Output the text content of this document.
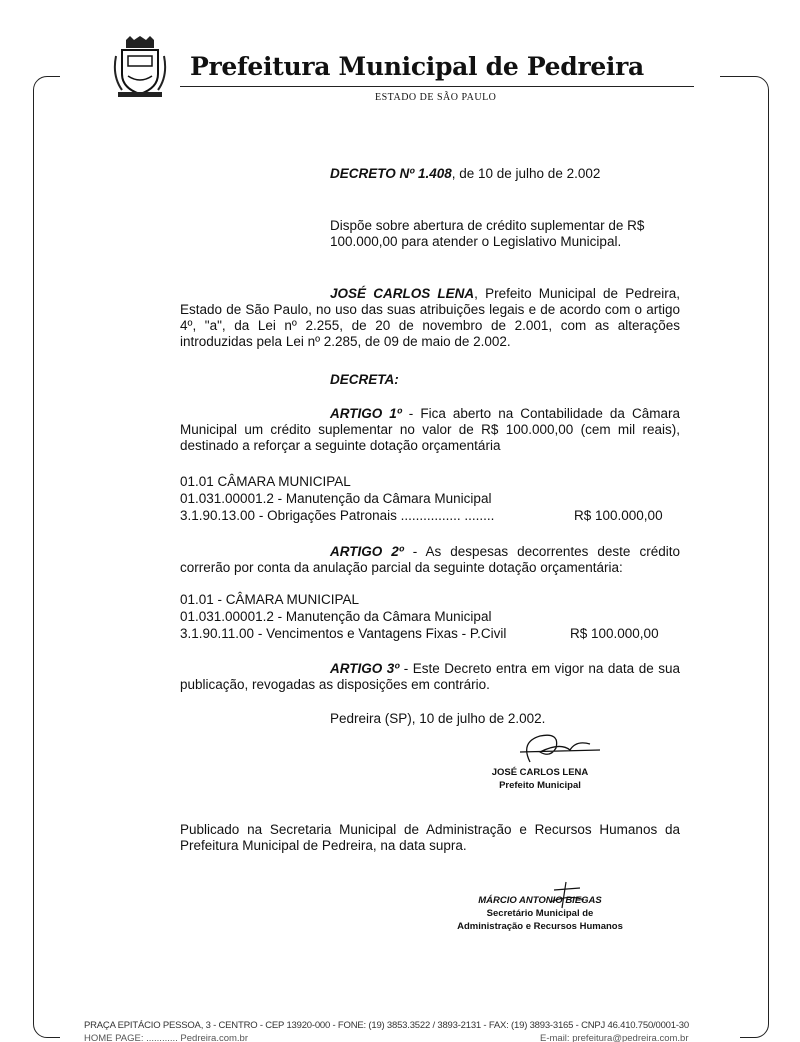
Prefeitura Municipal de Pedreira
ESTADO DE SÃO PAULO
DECRETO Nº 1.408, de 10 de julho de 2.002
Dispõe sobre abertura de crédito suplementar de R$
100.000,00 para atender o Legislativo Municipal.
JOSÉ CARLOS LENA, Prefeito Municipal de Pedreira, Estado de São Paulo, no uso das suas atribuições legais e de acordo com o artigo 4º, "a", da Lei nº 2.255, de 20 de novembro de 2.001, com as alterações introduzidas pela Lei nº 2.285, de 09 de maio de 2.002.
DECRETA:
ARTIGO 1º - Fica aberto na Contabilidade da Câmara Municipal um crédito suplementar no valor de R$ 100.000,00 (cem mil reais), destinado a reforçar a seguinte dotação orçamentária
01.01 CÂMARA MUNICIPAL
01.031.00001.2 - Manutenção da Câmara Municipal
3.1.90.13.00 - Obrigações Patronais ................ ........	R$ 100.000,00
ARTIGO 2º - As despesas decorrentes deste crédito correrão por conta da anulação parcial da seguinte dotação orçamentária:
01.01 - CÂMARA MUNICIPAL
01.031.00001.2 - Manutenção da Câmara Municipal
3.1.90.11.00 - Vencimentos e Vantagens Fixas - P.Civil	R$ 100.000,00
ARTIGO 3º - Este Decreto entra em vigor na data de sua publicação, revogadas as disposições em contrário.
Pedreira (SP), 10 de julho de 2.002.
JOSÉ CARLOS LENA
Prefeito Municipal
Publicado na Secretaria Municipal de Administração e Recursos Humanos da Prefeitura Municipal de Pedreira, na data supra.
MÁRCIO ANTONIO BIEGAS
Secretário Municipal de
Administração e Recursos Humanos
PRAÇA EPITÁCIO PESSOA, 3 - CENTRO - CEP 13920-000 - FONE: (19) 3853.3522 / 3893-2131 - FAX: (19) 3893-3165 - CNPJ 46.410.750/0001-30
HOME PAGE: ............ Pedreira.com.br	E-mail: prefeitura@pedreira.com.br
